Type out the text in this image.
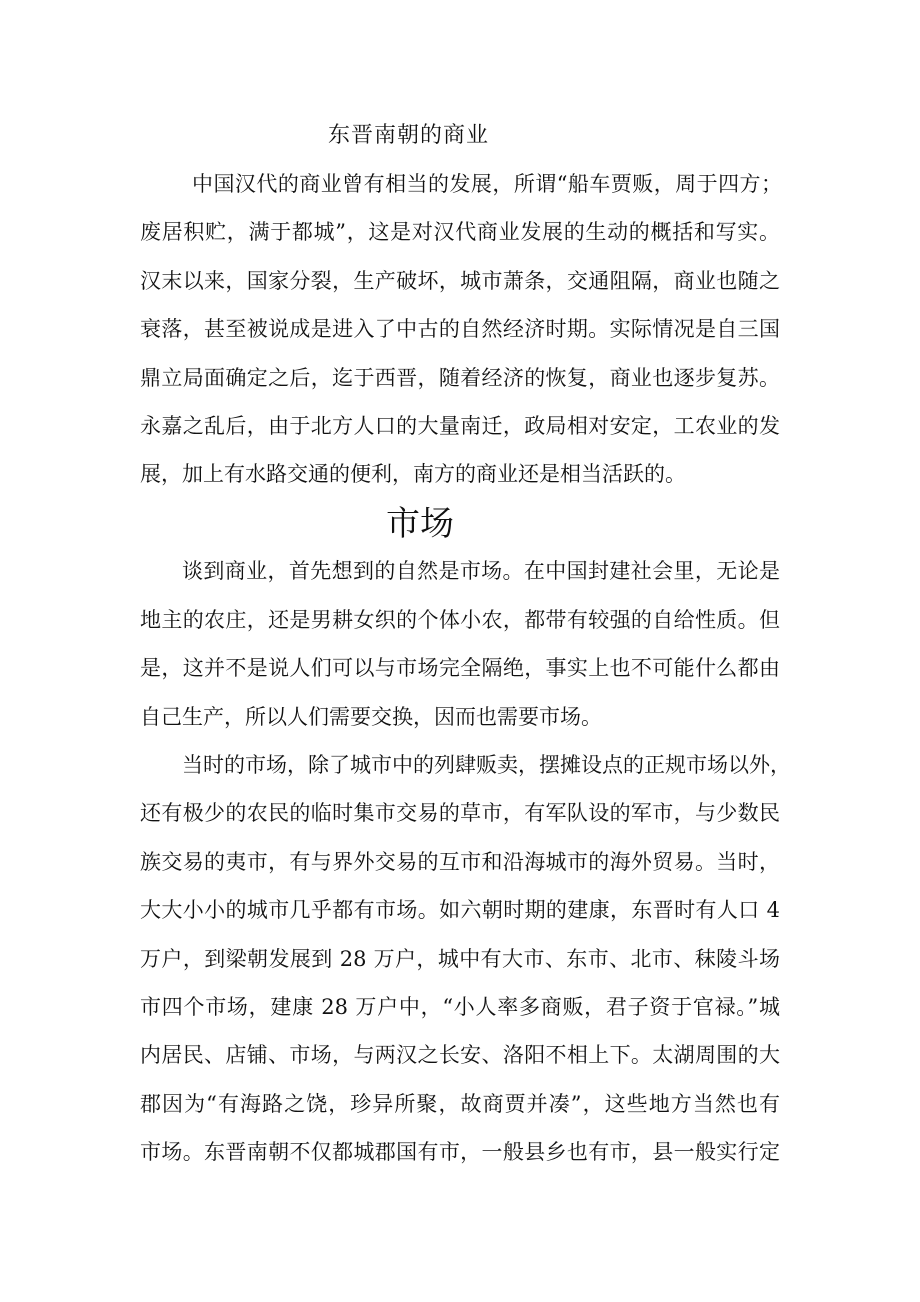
东晋南朝的商业
中国汉代的商业曾有相当的发展，所谓“船车贾贩，周于四方；
废居积贮，满于都城”，这是对汉代商业发展的生动的概括和写实。
汉末以来，国家分裂，生产破坏，城市萧条，交通阻隔，商业也随之
衰落，甚至被说成是进入了中古的自然经济时期。实际情况是自三国
鼎立局面确定之后，迄于西晋，随着经济的恢复，商业也逐步复苏。
永嘉之乱后，由于北方人口的大量南迁，政局相对安定，工农业的发
展，加上有水路交通的便利，南方的商业还是相当活跃的。
市场
谈到商业，首先想到的自然是市场。在中国封建社会里，无论是
地主的农庄，还是男耕女织的个体小农，都带有较强的自给性质。但
是，这并不是说人们可以与市场完全隔绝，事实上也不可能什么都由
自己生产，所以人们需要交换，因而也需要市场。
当时的市场，除了城市中的列肆贩卖，摆摊设点的正规市场以外，
还有极少的农民的临时集市交易的草市，有军队设的军市，与少数民
族交易的夷市，有与界外交易的互市和沿海城市的海外贸易。当时，
大大小小的城市几乎都有市场。如六朝时期的建康，东晋时有人口 4
万户，到梁朝发展到 28 万户，城中有大市、东市、北市、秣陵斗场
市四个市场，建康 28 万户中，“小人率多商贩，君子资于官禄。”城
内居民、店铺、市场，与两汉之长安、洛阳不相上下。太湖周围的大
郡因为“有海路之饶，珍异所聚，故商贾并凑”，这些地方当然也有
市场。东晋南朝不仅都城郡国有市，一般县乡也有市，县一般实行定
